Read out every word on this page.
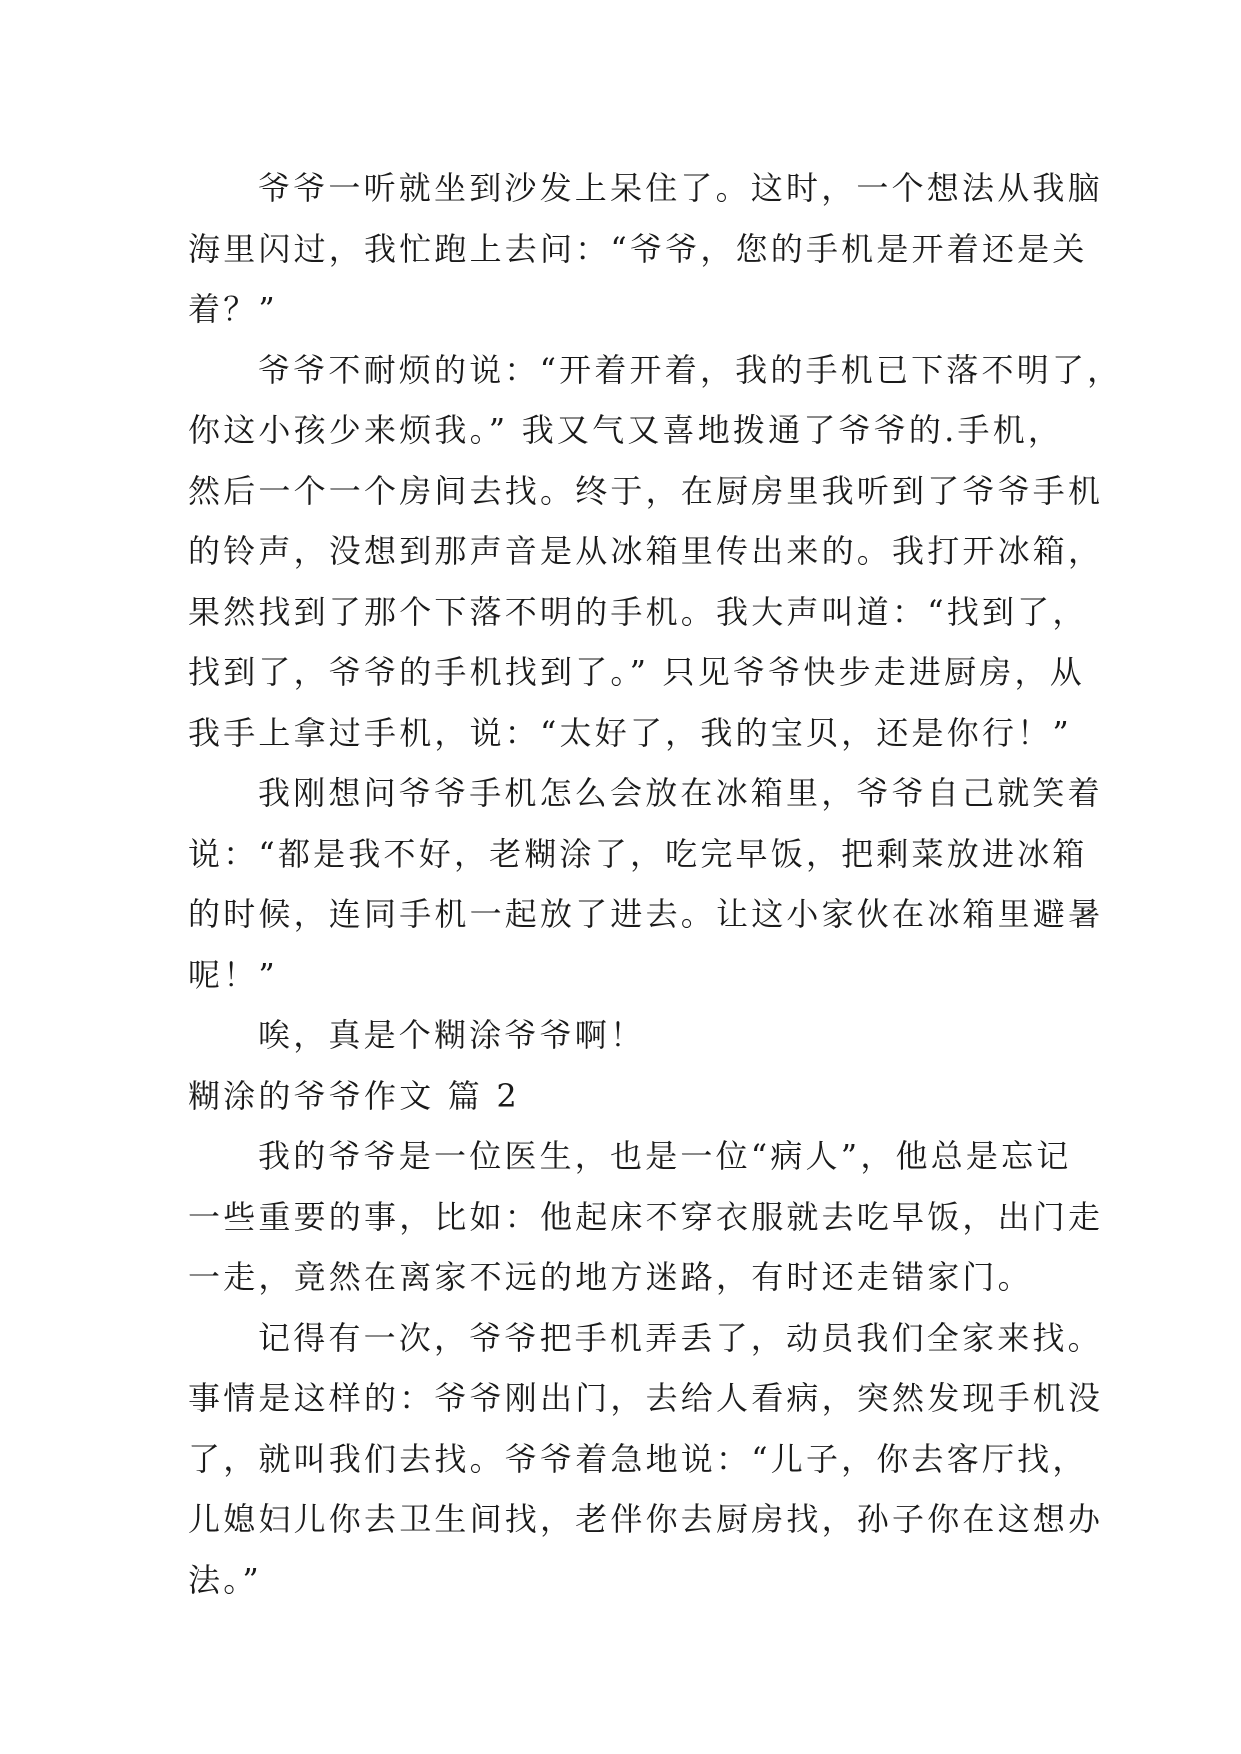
爷爷一听就坐到沙发上呆住了。这时，一个想法从我脑
海里闪过，我忙跑上去问：“爷爷，您的手机是开着还是关
着？”
爷爷不耐烦的说：“开着开着，我的手机已下落不明了，
你这小孩少来烦我。” 我又气又喜地拨通了爷爷的.手机，
然后一个一个房间去找。终于，在厨房里我听到了爷爷手机
的铃声，没想到那声音是从冰箱里传出来的。我打开冰箱，
果然找到了那个下落不明的手机。我大声叫道：“找到了，
找到了，爷爷的手机找到了。” 只见爷爷快步走进厨房，从
我手上拿过手机，说：“太好了，我的宝贝，还是你行！”
我刚想问爷爷手机怎么会放在冰箱里，爷爷自己就笑着
说：“都是我不好，老糊涂了，吃完早饭，把剩菜放进冰箱
的时候，连同手机一起放了进去。让这小家伙在冰箱里避暑
呢！”
唉，真是个糊涂爷爷啊！
糊涂的爷爷作文 篇 2
我的爷爷是一位医生，也是一位“病人”，他总是忘记
一些重要的事，比如：他起床不穿衣服就去吃早饭，出门走
一走，竟然在离家不远的地方迷路，有时还走错家门。
记得有一次，爷爷把手机弄丢了，动员我们全家来找。
事情是这样的：爷爷刚出门，去给人看病，突然发现手机没
了，就叫我们去找。爷爷着急地说：“儿子，你去客厅找，
儿媳妇儿你去卫生间找，老伴你去厨房找，孙子你在这想办
法。”
